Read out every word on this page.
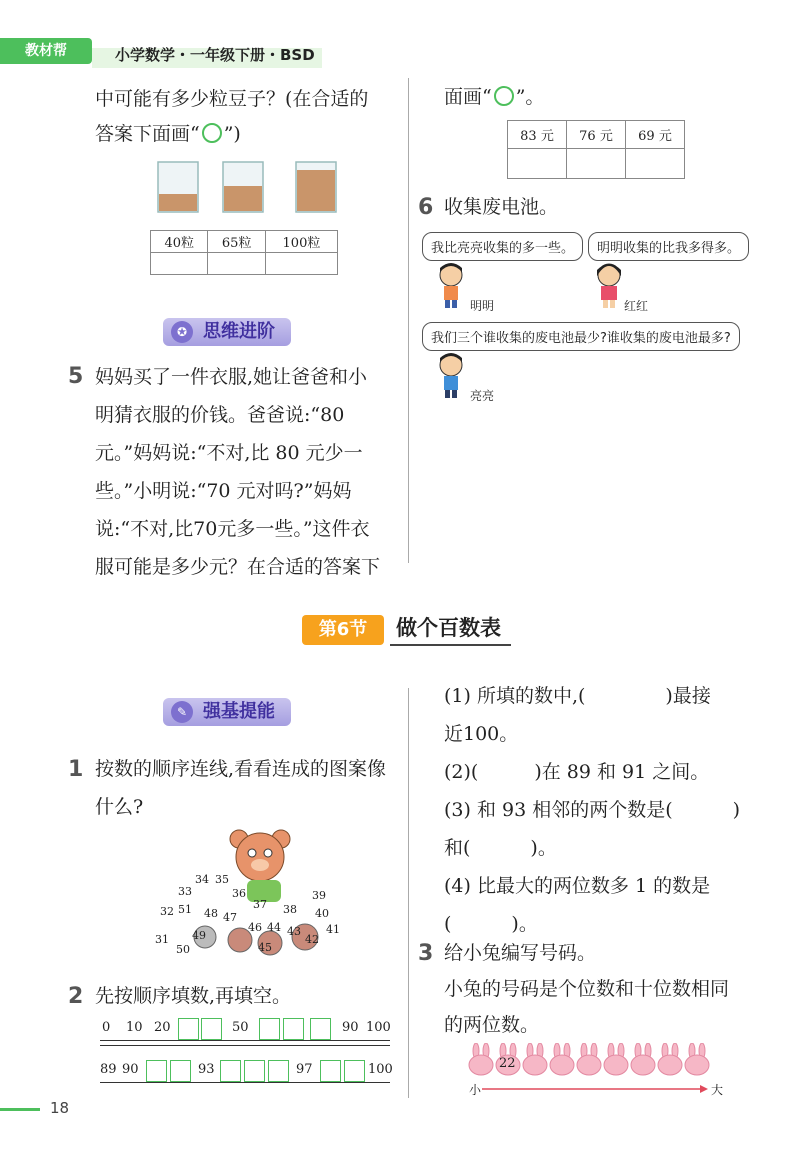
教材帮	小学数学・一年级下册・BSD
中可能有多少粒豆子？(在合适的
答案下面画“ ”)
40粒	65粒	100粒

✪ 思维进阶
5 妈妈买了一件衣服,她让爸爸和小
明猜衣服的价钱。爸爸说:“80
元。”妈妈说:“不对,比 80 元少一
些。”小明说:“70 元对吗?”妈妈
说:“不对,比70元多一些。”这件衣
服可能是多少元？在合适的答案下
面画“ ”。
83 元	76 元	69 元

6 收集废电池。
我比亮亮收集的多一些。	明明收集的比我多得多。
明明	红红
我们三个谁收集的废电池最少?谁收集的废电池最多?
亮亮
第6节	做个百数表
✎ 强基提能
1 按数的顺序连线,看看连成的图案像
什么?
34 35
33	36
37
39
32 51 48 47
38 40
31
50
49
46 44
45
43
42
41
2 先按顺序填数,再填空。
0 10 20	50	90 100
89 90	93	97	100
(1) 所填的数中,(	)最接
近100。
(2)(	)在 89 和 91 之间。
(3) 和 93 相邻的两个数是(	)
和(	)。
(4) 比最大的两位数多 1 的数是
(	)。
3 给小兔编写号码。
小兔的号码是个位数和十位数相同
的两位数。
22
小	大
18
